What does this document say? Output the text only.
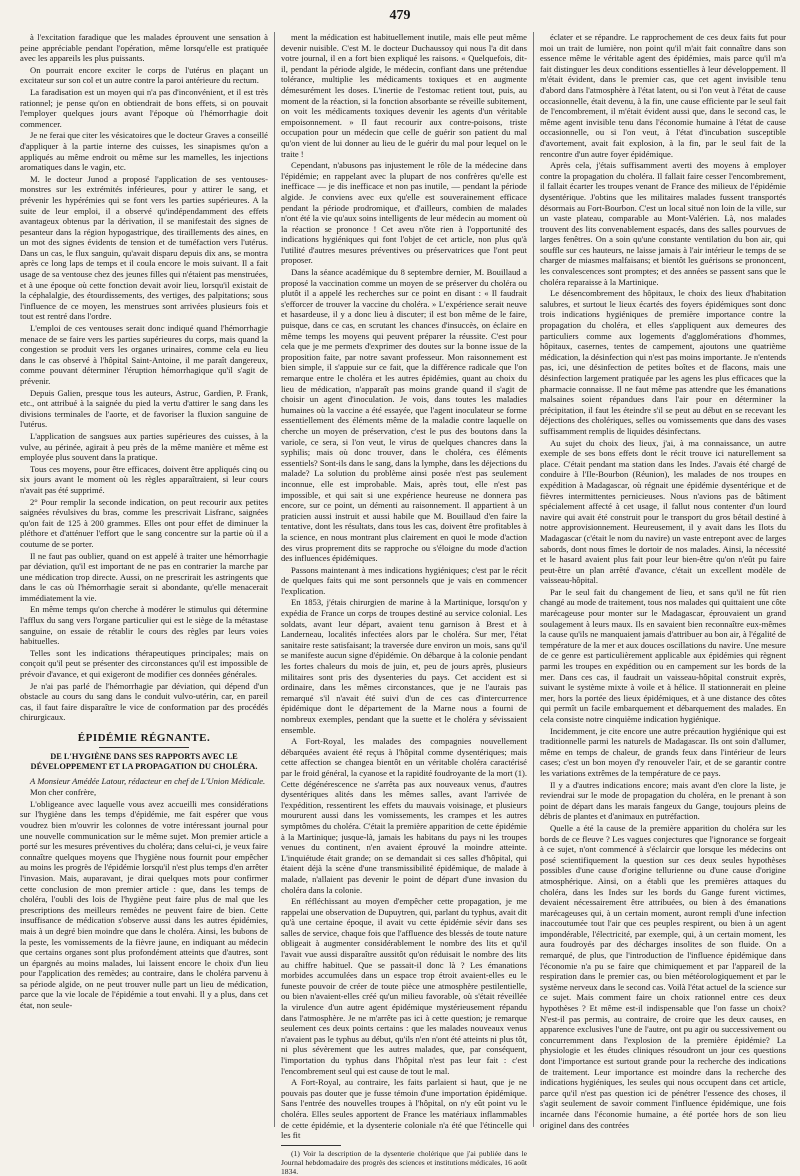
479

à l'excitation faradique que les malades éprouvent une sensation à peine appréciable pendant l'opération, même lorsqu'elle est pratiquée avec les appareils les plus puissants.

On pourrait encore exciter le corps de l'utérus en plaçant un excitateur sur son col et un autre contre la paroi antérieure du rectum.

La faradisation est un moyen qui n'a pas d'inconvénient, et il est très rationnel; je pense qu'on en obtiendrait de bons effets, si on pouvait l'employer quelques jours avant l'époque où l'hémorrhagie doit commencer.

Je ne ferai que citer les vésicatoires que le docteur Graves a conseillé d'appliquer à la partie interne des cuisses, les sinapismes qu'on a appliqués au même endroit ou même sur les mamelles, les injections aromatiques dans le vagin, etc.

M. le docteur Junod a proposé l'application de ses ventouses-monstres sur les extrémités inférieures, pour y attirer le sang, et prévenir les hypérémies qui se font vers les parties supérieures. A la suite de leur emploi, il a observé qu'indépendamment des effets avantageux obtenus par la dérivation, il se manifestait des signes de pesanteur dans la région hypogastrique, des tiraillements des aines, en un mot des signes évidents de tension et de tuméfaction vers l'utérus. Dans un cas, le flux sanguin, qu'avait disparu depuis dix ans, se montra après ce long laps de temps et il coula encore le mois suivant. Il a fait usage de sa ventouse chez des jeunes filles qui n'étaient pas menstruées, et à une époque où cette fonction devait avoir lieu, lorsqu'il existait de la céphalalgie, des étourdissements, des vertiges, des palpitations; sous l'influence de ce moyen, les menstrues sont arrivées plusieurs fois et tout est rentré dans l'ordre.

L'emploi de ces ventouses serait donc indiqué quand l'hémorrhagie menace de se faire vers les parties supérieures du corps, mais quand la congestion se produit vers les organes urinaires, comme cela eu lieu dans le cas observé à l'hôpital Saint-Antoine, il me paraît dangereux, comme pouvant déterminer l'éruption hémorrhagique qu'il s'agit de prévenir.

Depuis Galien, presque tous les auteurs, Astruc, Gardien, P. Frank, etc., ont attribué à la saignée du pied la vertu d'attirer le sang dans les divisions terminales de l'aorte, et de favoriser la fluxion sanguine de l'utérus.

L'application de sangsues aux parties supérieures des cuisses, à la vulve, au périnée, agirait à peu près de la même manière et même est employée plus souvent dans la pratique.

Tous ces moyens, pour être efficaces, doivent être appliqués cinq ou six jours avant le moment où les règles apparaîtraient, si leur cours n'avait pas été supprimé.

2° Pour remplir la seconde indication, on peut recourir aux petites saignées révulsives du bras, comme les prescrivait Lisfranc, saignées qu'on fait de 125 à 200 grammes. Elles ont pour effet de diminuer la pléthore et d'atténuer l'effort que le sang concentre sur la partie où il a coutume de se porter.

Il ne faut pas oublier, quand on est appelé à traiter une hémorrhagie par déviation, qu'il est important de ne pas en contrarier la marche par une médication trop directe. Aussi, on ne prescrirait les astringents que dans le cas où l'hémorrhagie serait si abondante, qu'elle menacerait immédiatement la vie.

En même temps qu'on cherche à modérer le stimulus qui détermine l'afflux du sang vers l'organe particulier qui est le siège de la métastase sanguine, on essaie de rétablir le cours des règles par leurs voies habituelles.

Telles sont les indications thérapeutiques principales; mais on conçoit qu'il peut se présenter des circonstances qu'il est impossible de prévoir d'avance, et qui exigeront de modifier ces données générales.

Je n'ai pas parlé de l'hémorrhagie par déviation, qui dépend d'un obstacle au cours du sang dans le conduit vulvo-utérin, car, en pareil cas, il faut faire disparaître le vice de conformation par des procédés chirurgicaux.

ÉPIDÉMIE RÉGNANTE.
DE L'HYGIÈNE DANS SES RAPPORTS AVEC LE DÉVELOPPEMENT ET LA PROPAGATION DU CHOLÉRA.

A Monsieur Amédée Latour, rédacteur en chef de L'Union Médicale.

Mon cher confrère,

L'obligeance avec laquelle vous avez accueilli mes considérations sur l'hygiène dans les temps d'épidémie, me fait espérer que vous voudrez bien m'ouvrir les colonnes de votre intéressant journal pour une nouvelle communication sur le même sujet. Mon premier article a porté sur les mesures préventives du choléra; dans celui-ci, je veux faire connaître quelques moyens que l'hygiène nous fournit pour empêcher au moins les progrès de l'épidémie lorsqu'il n'est plus temps d'en arrêter l'invasion. Mais, auparavant, je dirai quelques mots pour confirmer cette conclusion de mon premier article : que, dans les temps de choléra, l'oubli des lois de l'hygiène peut faire plus de mal que les prescriptions des meilleurs remèdes ne peuvent faire de bien. Cette insuffisance de médication s'observe aussi dans les autres épidémies, mais à un degré bien moindre que dans le choléra. Ainsi, les bubons de la peste, les vomissements de la fièvre jaune, en indiquant au médecin que certains organes sont plus profondément atteints que d'autres, sont un épargnés au moins malades, lui laissent encore le choix d'un lieu pour l'application des remèdes; au contraire, dans le choléra parvenu à sa période algide, on ne peut trouver nulle part un lieu de médication, parce que la vie locale de l'épidémie a tout envahi. Il y a plus, dans cet état, non seule-

ment la médication est habituellement inutile, mais elle peut même devenir nuisible. C'est M. le docteur Duchaussoy qui nous l'a dit dans votre journal, il en a fort bien expliqué les raisons. « Quelquefois, dit-il, pendant la période algide, le médecin, confiant dans une prétendue tolérance, multiplie les médicaments toxiques et en augmente démesurément les doses. L'inertie de l'estomac retient tout, puis, au moment de la réaction, si la fonction absorbante se réveille subitement, on voit les médicaments toxiques devenir les agents d'un véritable empoisonnement. » Il faut recourir aux contre-poisons, triste occupation pour un médecin que celle de guérir son patient du mal qu'on vient de lui donner au lieu de le guérir du mal pour lequel on le traite !

Cependant, n'abusons pas injustement le rôle de la médecine dans l'épidémie; en rappelant avec la plupart de nos confrères qu'elle est inefficace — je dis inefficace et non pas inutile, — pendant la période algide. Je conviens avec eux qu'elle est souverainement efficace pendant la période prodromique, et d'ailleurs, combien de malades n'ont été la vie qu'aux soins intelligents de leur médecin au moment où la réaction se prononce ! Cet aveu n'ôte rien à l'opportunité des indications hygiéniques qui font l'objet de cet article, non plus qu'à l'utilité d'autres mesures préventives ou préservatrices que l'ont peut proposer.

Dans la séance académique du 8 septembre dernier, M. Bouillaud a proposé la vaccination comme un moyen de se préserver du choléra ou plutôt il a appelé les recherches sur ce point en disant : « Il faudrait s'efforcer de trouver la vaccine du choléra. » L'expérience serait neuve et hasardeuse, il y a donc lieu à discuter; il est bon même de le faire, puisque, dans ce cas, en scrutant les chances d'insuccès, on éclaire en même temps les moyens qui peuvent préparer la réussite. C'est pour cela que je me permets d'exprimer des doutes sur la bonne issue de la proposition faite, par notre savant professeur. Mon raisonnement est bien simple, il s'appuie sur ce fait, que la différence radicale que l'on remarque entre le choléra et les autres épidémies, quant au choix du lieu de médication, n'apparaît pas moins grande quand il s'agit de choisir un agent d'inoculation. Je vois, dans toutes les maladies humaines où la vaccine a été essayée, que l'agent inoculateur se forme essentiellement des éléments même de la maladie contre laquelle on cherche un moyen de préservation, c'est le pus des boutons dans la variole, ce sera, si l'on veut, le virus de quelques chancres dans la syphilis; mais où donc trouver, dans le choléra, ces éléments essentiels? Sont-ils dans le sang, dans la lymphe, dans les déjections du malade? La solution du problème ainsi posée n'est pas seulement inconnue, elle est improbable. Mais, après tout, elle n'est pas impossible, et qui sait si une expérience heureuse ne donnera pas encore, sur ce point, un démenti au raisonnement. Il appartient à un praticien aussi instruit et aussi habile que M. Bouillaud d'en faire la tentative, dont les résultats, dans tous les cas, doivent être profitables à la science, en nous montrant plus clairement en quoi le mode d'action des virus proprement dits se rapproche ou s'éloigne du mode d'action des influences épidémiques.

Passons maintenant à mes indications hygiéniques; c'est par le récit de quelques faits qui me sont personnels que je vais en commencer l'explication.

En 1853, j'étais chirurgien de marine à la Martinique, lorsqu'on y expédia de France un corps de troupes destiné au service colonial. Les soldats, avant leur départ, avaient tenu garnison à Brest et à Landerneau, localités infectées alors par le choléra. Sur mer, l'état sanitaire reste satisfaisant; la traversée dure environ un mois, sans qu'il se manifeste aucun signe d'épidémie. On débarque à la colonie pendant les fortes chaleurs du mois de juin, et, peu de jours après, plusieurs militaires sont pris des dysenteries du pays. Cet accident est si ordinaire, dans les mêmes circonstances, que je ne l'aurais pas remarqué s'il n'avait été suivi d'un de ces cas d'intercurrence épidémique dont le département de la Marne nous a fourni de nombreux exemples, pendant que la suette et le choléra y sévissaient ensemble.

A Fort-Royal, les malades des compagnies nouvellement débarquées avaient été reçus à l'hôpital comme dysentériques; mais cette affection se changea bientôt en un véritable choléra caractérisé par le froid général, la cyanose et la rapidité foudroyante de la mort (1). Cette dégénérescence ne s'arrêta pas aux nouveaux venus, d'autres dysentériques alités dans les mêmes salles, avant l'arrivée de l'expédition, ressentirent les effets du mauvais voisinage, et plusieurs moururent aussi dans les vomissements, les crampes et les autres symptômes du choléra. C'était la première apparition de cette épidémie à la Martinique; jusque-là, jamais les habitans du pays ni les troupes venues du continent, n'en avaient éprouvé la moindre atteinte. L'inquiétude était grande; on se demandait si ces salles d'hôpital, qui étaient déjà la scène d'une transmissibilité épidémique, de malade à malade, n'allaient pas devenir le point de départ d'une invasion du choléra dans la colonie.

En réfléchissant au moyen d'empêcher cette propagation, je me rappelai une observation de Dupuytren, qui, parlant du typhus, avait dit qu'à une certaine époque, il avait vu cette épidémie sévir dans ses salles de service, chaque fois que l'affluence des blessés de toute nature obligeait à augmenter considérablement le nombre des lits et qu'il l'avait vue aussi disparaître aussitôt qu'on réduisait le nombre des lits au chiffre habituel. Que se passait-il donc là ? Les émanations morbides accumulées dans un espace trop étroit avaient-elles eu le funeste pouvoir de créer de toute pièce une atmosphère pestilentielle, ou bien n'avaient-elles créé qu'un milieu favorable, où s'était réveillée la virulence d'un autre agent épidémique mystérieusement répandu dans l'atmosphère. Je ne m'arrête pas ici à cette question; je remarque seulement ces deux points certains : que les malades nouveaux venus n'avaient pas le typhus au début, qu'ils n'en n'ont été atteints ni plus tôt, ni plus sévèrement que les autres malades, que, par conséquent, l'importation du typhus dans l'hôpital n'est pas leur fait : c'est l'encombrement seul qui est cause de tout le mal.

A Fort-Royal, au contraire, les faits parlaient si haut, que je ne pouvais pas douter que je fusse témoin d'une importation épidémique. Sans l'entrée des nouvelles troupes à l'hôpital, on n'y eût point vu le choléra. Elles seules apportent de France les matériaux inflammables de cette épidémie, et la dysenterie coloniale n'a été que l'étincelle qui les fit

(1) Voir la description de la dysenterie cholérique que j'ai publiée dans le Journal hebdomadaire des progrès des sciences et institutions médicales, 16 août 1834.

éclater et se répandre. Le rapprochement de ces deux faits fut pour moi un trait de lumière, non point qu'il m'ait fait connaître dans son essence même le véritable agent des épidémies, mais parce qu'il m'a fait distinguer les deux conditions essentielles à leur développement. Il m'était évident, dans le premier cas, que cet agent invisible tenu d'abord dans l'atmosphère à l'état latent, ou si l'on veut à l'état de cause occasionnelle, était devenu, à la fin, une cause efficiente par le seul fait de l'encombrement, il m'était évident aussi que, dans le second cas, le même agent invisible tenu dans l'économie humaine à l'état de cause occasionnelle, ou si l'on veut, à l'état d'incubation susceptible d'avortement, avait fait explosion, à la fin, par le seul fait de la rencontre d'un autre foyer épidémique.

Après cela, j'étais suffisamment averti des moyens à employer contre la propagation du choléra. Il fallait faire cesser l'encombrement, il fallait écarter les troupes venant de France des milieux de l'épidémie dysentérique. J'obtins que les militaires malades fussent transportés désormais au Fort-Bourbon. C'est un local situé non loin de la ville, sur un vaste plateau, comparable au Mont-Valérien. Là, nos malades trouvent des lits convenablement espacés, dans des salles pourvues de larges fenêtres. On a soin qu'une constante ventilation du bon air, qui souffle sur ces hauteurs, ne laisse jamais à l'air intérieur le temps de se charger de miasmes malfaisans; et bientôt les guérisons se prononcent, les convalescences sont promptes; et des années se passent sans que le choléra reparaisse à la Martinique.

Le désencombrement des hôpitaux, le choix des lieux d'habitation salubres, et surtout le lieux écartés des foyers épidémiques sont donc trois indications hygiéniques de première importance contre la propagation du choléra, et elles s'appliquent aux demeures des particuliers comme aux logements d'agglomérations d'hommes, hôpitaux, casernes, tentes de campement, ajoutons une quatrième médication, la désinfection qui n'est pas moins importante. Je n'entends pas, ici, une désinfection de petites boîtes et de flacons, mais une désinfection largement pratiquée par les agens les plus efficaces que la pharmacie connaisse. Il ne faut même pas attendre que les émanations malsaines soient répandues dans l'air pour en déterminer la précipitation, il faut les éteindre s'il se peut au début en se recevant les déjections des cholériques, selles ou vomissements que dans des vases suffisamment remplis de liquides désinfectans.

Au sujet du choix des lieux, j'ai, à ma connaissance, un autre exemple de ses bons effets dont le récit trouve ici naturellement sa place. C'était pendant ma station dans les Indes. J'avais été chargé de conduire à l'Ile-Bourbon (Réunion), les malades de nos troupes en expédition à Madagascar, où régnait une épidémie dysentérique et de fièvres intermittentes pernicieuses. Nous n'avions pas de bâtiment spécialement affecté à cet usage, il fallut nous contenter d'un lourd navire qui avait été construit pour le transport du gros bétail destiné à notre approvisionnement. Heureusement, il y avait dans les Ilots du Madagascar (c'était le nom du navire) un vaste entrepont avec de larges sabords, dont nous fîmes le dortoir de nos malades. Ainsi, la nécessité et le hasard avaient plus fait pour leur bien-être qu'on n'eût pu faire peut-être un plan arrêté d'avance, c'était un excellent modèle de vaisseau-hôpital.

Par le seul fait du changement de lieu, et sans qu'il ne fût rien changé au mode de traitement, tous nos malades qui quittaient une côte marécageuse pour monter sur le Madagascar, éprouvaient un grand soulagement à leurs maux. Ils en savaient bien reconnaître eux-mêmes la cause qu'ils ne manquaient jamais d'attribuer au bon air, à l'égalité de température de la mer et aux douces oscillations du navire. Une mesure de ce genre est particulièrement applicable aux épidémies qui règnent parmi les troupes en expédition ou en campement sur les bords de la mer. Dans ces cas, il faudrait un vaisseau-hôpital construit exprès, suivant le système mixte à voile et à hélice. Il stationnerait en pleine mer, hors la portée des lieux épidémiques, et à une distance des côtes qui permît un facile embarquement et débarquement des malades. En cela consiste notre cinquième indication hygiénique.

Incidemment, je cite encore une autre précaution hygiénique qui est traditionnelle parmi les naturels de Madagascar. Ils ont soin d'allumer, même en temps de chaleur, de grands feux dans l'intérieur de leurs cases; c'est un bon moyen d'y renouveler l'air, et de se garantir contre les variations extrêmes de la température de ce pays.

Il y a d'autres indications encore; mais avant d'en clore la liste, je reviendrai sur le mode de propagation du choléra, en le prenant à son point de départ dans les marais fangeux du Gange, toujours pleins de débris de plantes et d'animaux en putréfaction.

Quelle a été la cause de la première apparition du choléra sur les bords de ce fleuve ? Les vagues conjectures que l'ignorance se forgeait à ce sujet, n'ont commencé à s'éclaircir que lorsque les médecins ont posé scientifiquement la question sur ces deux seules hypothèses possibles d'une cause d'origine tellurienne ou d'une cause d'origine atmosphérique. Ainsi, on a établi que les premières attaques du choléra, dans les Indes sur les bords du Gange furent victimes, devaient nécessairement être attribuées, ou bien à des émanations marécageuses qui, à un certain moment, auront rempli d'une infection inaccoutumée tout l'air que ces peuples respirent, ou bien à un agent impondérable, l'électricité, par exemple, qui, à un certain moment, les aura foudroyés par des décharges insolites de son fluide. On a remarqué, de plus, que l'introduction de l'influence épidémique dans l'économie n'a pu se faire que chimiquement et par l'appareil de la respiration dans le premier cas, ou bien météorologiquement et par le système nerveux dans le second cas. Voilà l'état actuel de la science sur ce sujet. Mais comment faire un choix rationnel entre ces deux hypothèses ? Et même est-il indispensable que l'on fasse un choix? N'est-il pas permis, au contraire, de croire que les deux causes, en apparence exclusives l'une de l'autre, ont pu agir ou successivement ou concurremment dans l'explosion de la première épidémie? La physiologie et les études cliniques résoudront un jour ces questions dont l'importance est surtout grande pour la recherche des indications de traitement. Leur importance est moindre dans la recherche des indications hygiéniques, les seules qui nous occupent dans cet article, parce qu'il n'est pas question ici de pénétrer l'essence des choses, il s'agit seulement de savoir comment l'influence épidémique, une fois incarnée dans l'économie humaine, a été portée hors de son lieu originel dans des contrées
